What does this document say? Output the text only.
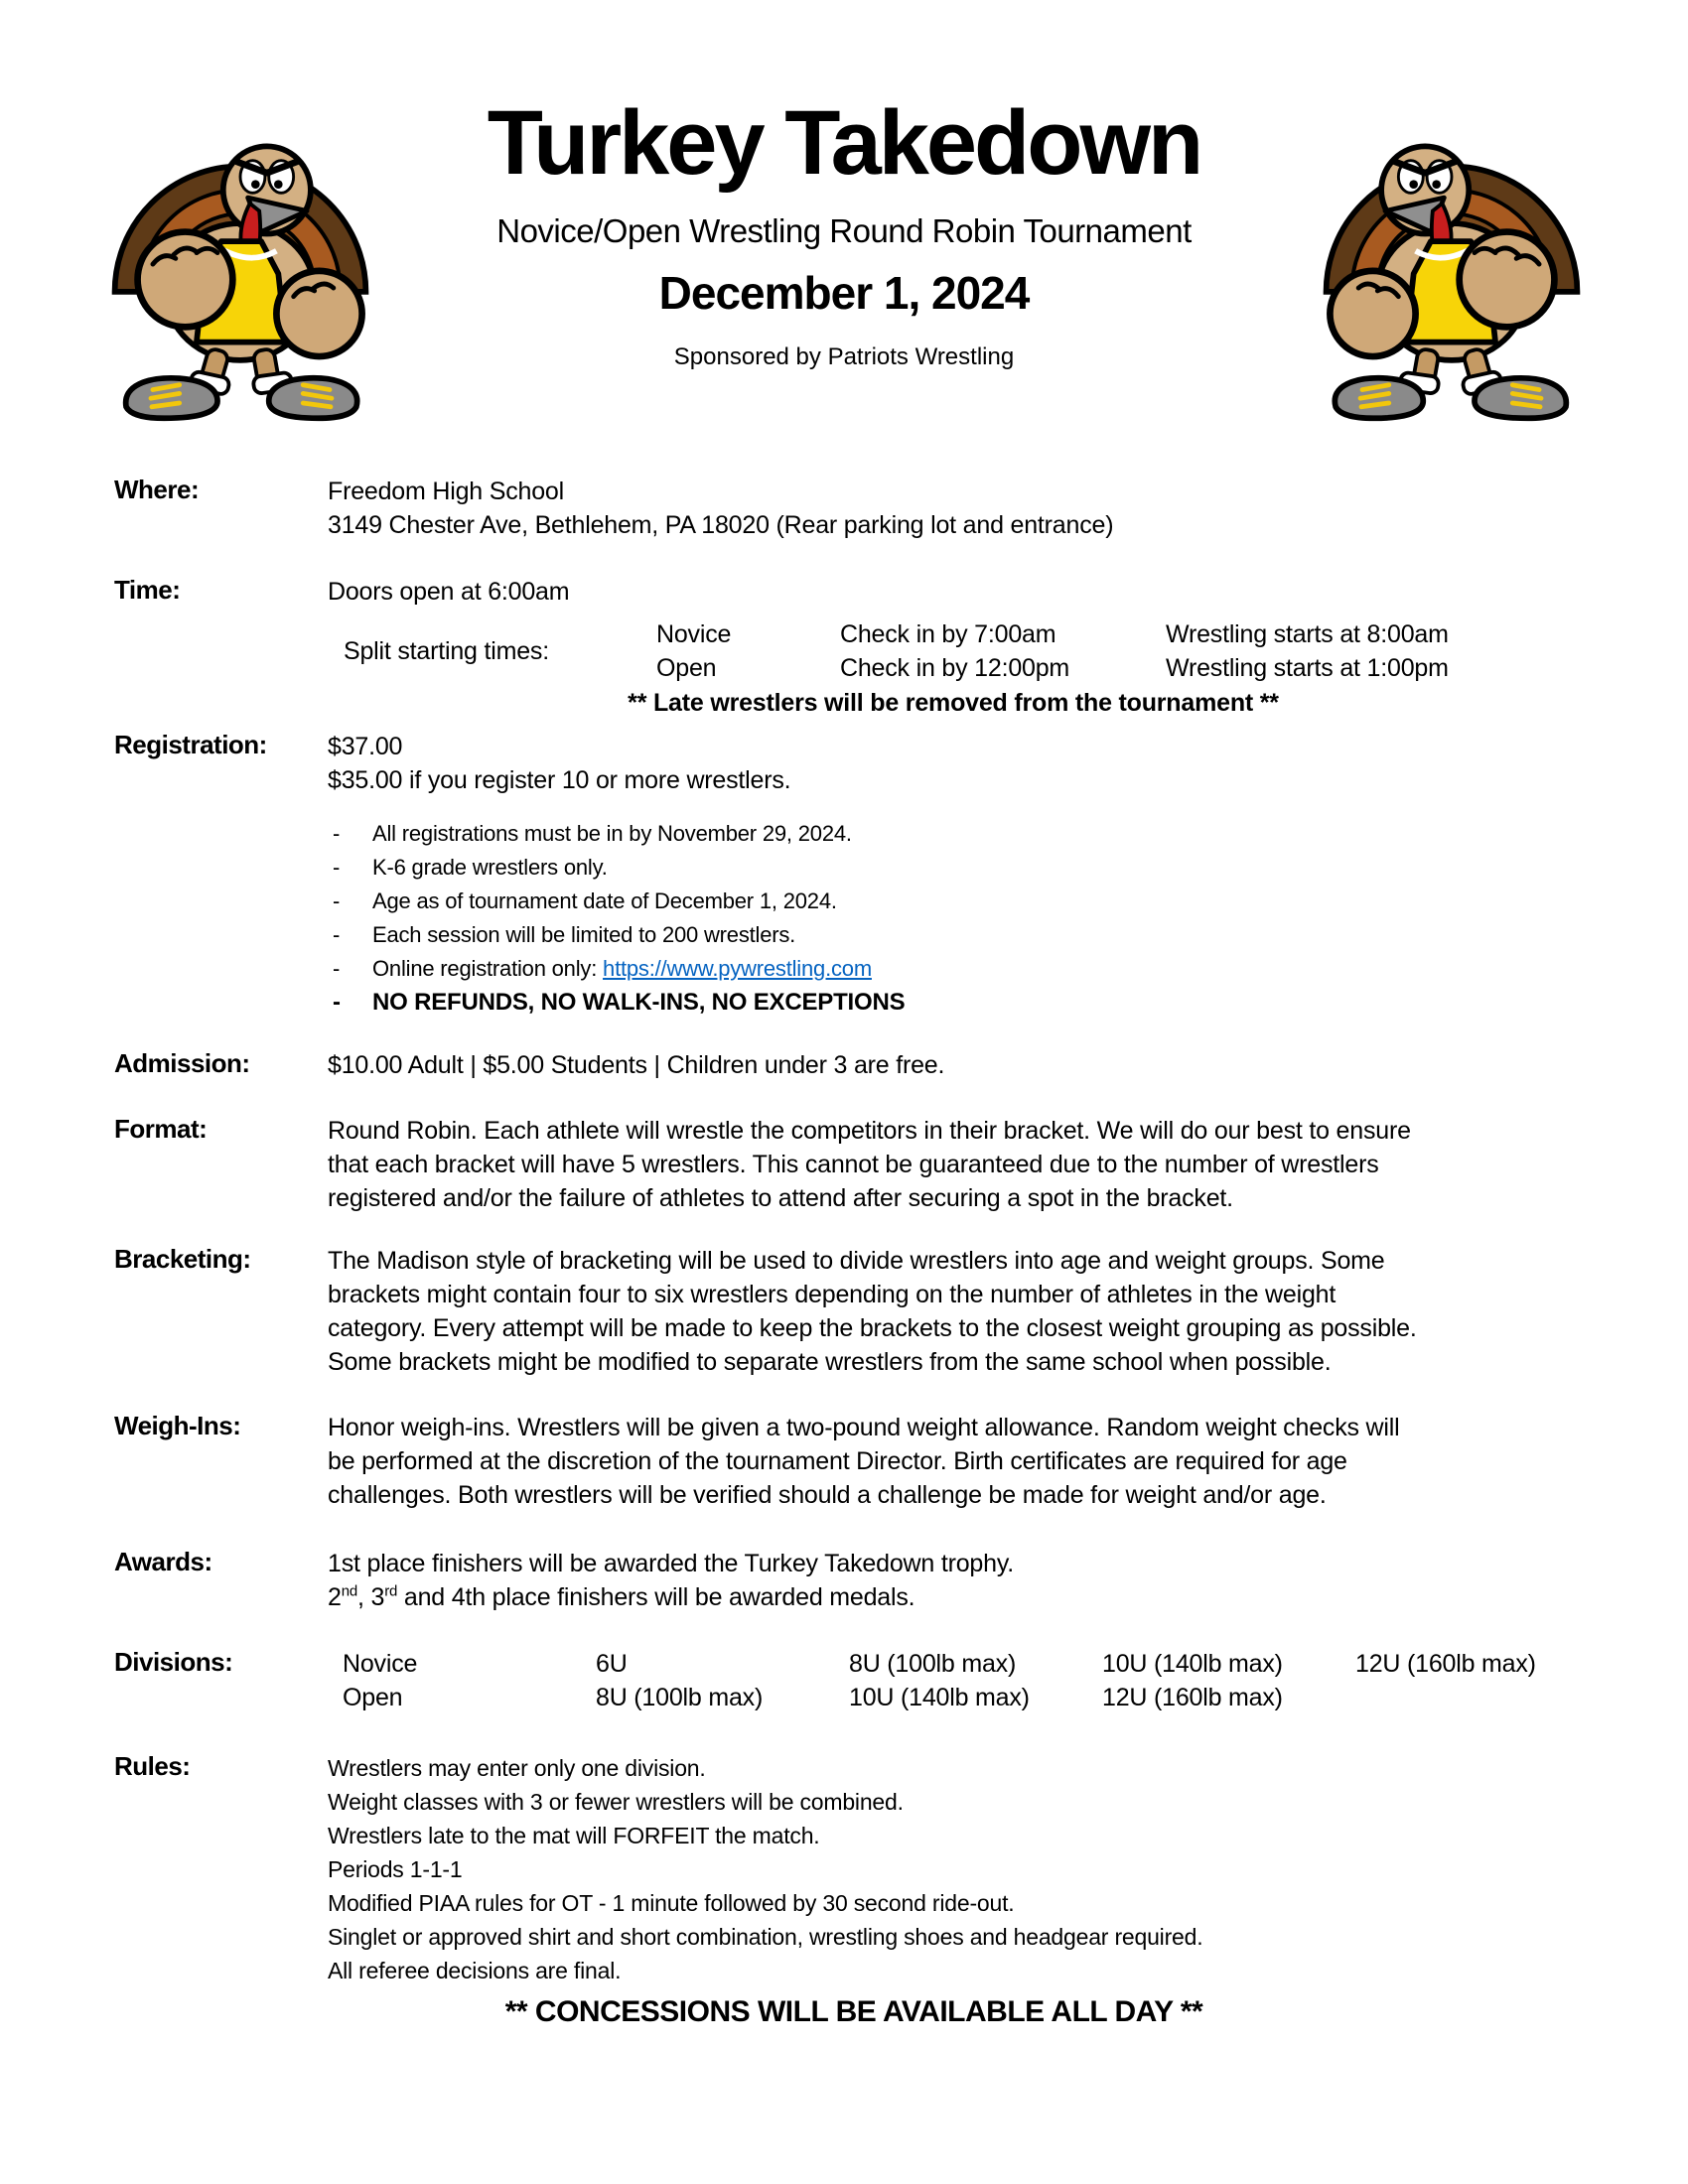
Turkey Takedown
Novice/Open Wrestling Round Robin Tournament
December 1, 2024
Sponsored by Patriots Wrestling
Where:	Freedom High School
3149 Chester Ave, Bethlehem, PA 18020 (Rear parking lot and entrance)
Time:	Doors open at 6:00am
Split starting times:
Novice	Check in by 7:00am	Wrestling starts at 8:00am
Open	Check in by 12:00pm	Wrestling starts at 1:00pm
** Late wrestlers will be removed from the tournament **
Registration:	$37.00
$35.00 if you register 10 or more wrestlers.
-	All registrations must be in by November 29, 2024.
-	K-6 grade wrestlers only.
-	Age as of tournament date of December 1, 2024.
-	Each session will be limited to 200 wrestlers.
-	Online registration only: https://www.pywrestling.com
-	NO REFUNDS, NO WALK-INS, NO EXCEPTIONS
Admission:	$10.00 Adult | $5.00 Students | Children under 3 are free.
Format:	Round Robin. Each athlete will wrestle the competitors in their bracket. We will do our best to ensure
that each bracket will have 5 wrestlers. This cannot be guaranteed due to the number of wrestlers
registered and/or the failure of athletes to attend after securing a spot in the bracket.
Bracketing:	The Madison style of bracketing will be used to divide wrestlers into age and weight groups. Some
brackets might contain four to six wrestlers depending on the number of athletes in the weight
category. Every attempt will be made to keep the brackets to the closest weight grouping as possible.
Some brackets might be modified to separate wrestlers from the same school when possible.
Weigh-Ins:	Honor weigh-ins. Wrestlers will be given a two-pound weight allowance. Random weight checks will
be performed at the discretion of the tournament Director. Birth certificates are required for age
challenges. Both wrestlers will be verified should a challenge be made for weight and/or age.
Awards:	1st place finishers will be awarded the Turkey Takedown trophy.
2nd, 3rd and 4th place finishers will be awarded medals.
Divisions:	Novice	6U	8U (100lb max)	10U (140lb max)	12U (160lb max)
Open	8U (100lb max)	10U (140lb max)	12U (160lb max)
Rules:	Wrestlers may enter only one division.
Weight classes with 3 or fewer wrestlers will be combined.
Wrestlers late to the mat will FORFEIT the match.
Periods 1-1-1
Modified PIAA rules for OT - 1 minute followed by 30 second ride-out.
Singlet or approved shirt and short combination, wrestling shoes and headgear required.
All referee decisions are final.
** CONCESSIONS WILL BE AVAILABLE ALL DAY **
